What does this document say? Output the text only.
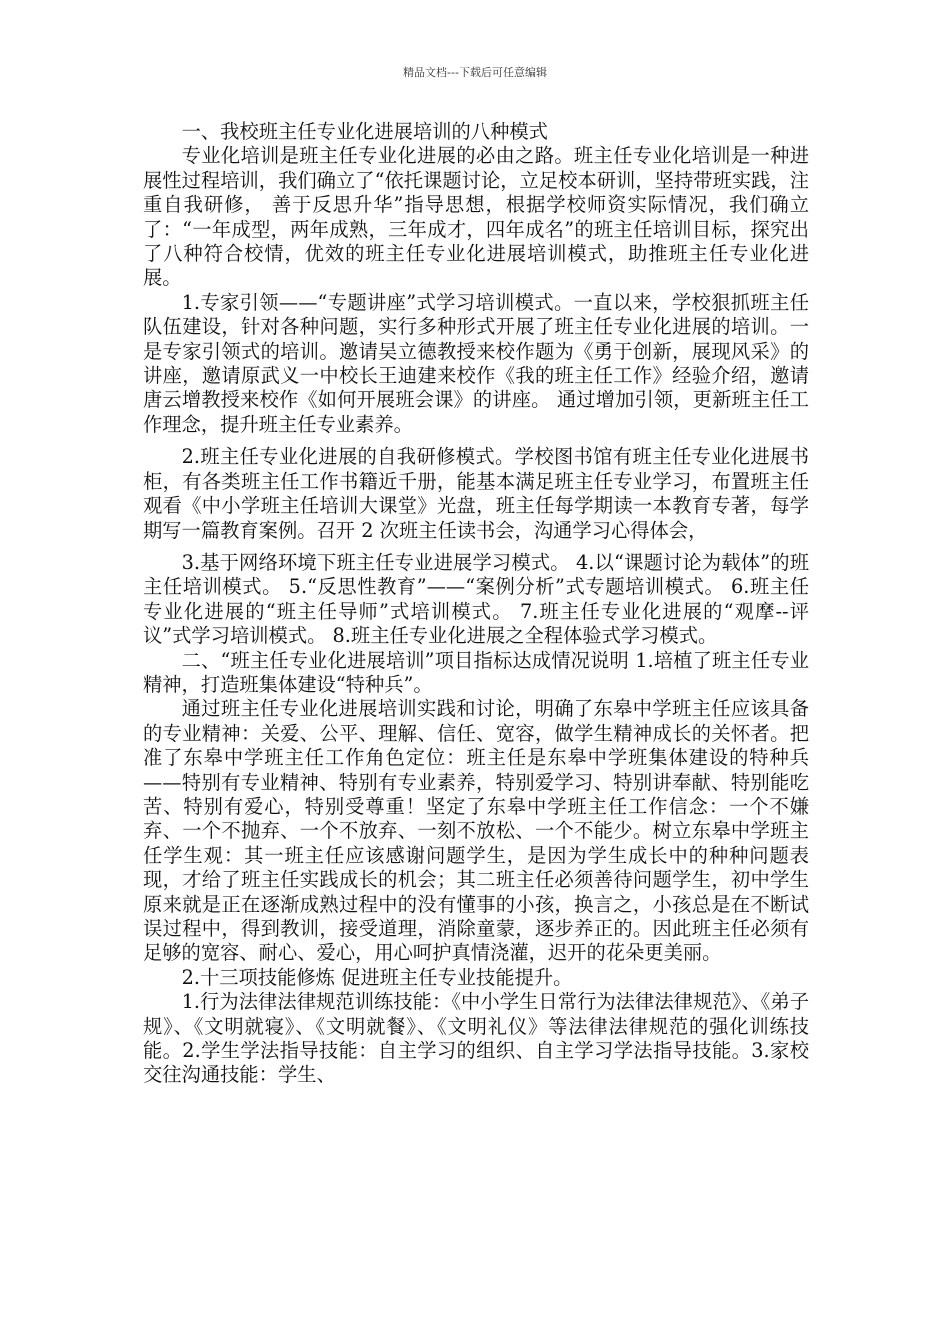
精品文档---下载后可任意编辑

一、我校班主任专业化进展培训的八种模式

专业化培训是班主任专业化进展的必由之路。班主任专业化培训是一种进展性过程培训，我们确立了“依托课题讨论，立足校本研训，坚持带班实践，注重自我研修， 善于反思升华”指导思想，根据学校师资实际情况，我们确立了：“一年成型，两年成熟，三年成才，四年成名”的班主任培训目标，探究出了八种符合校情，优效的班主任专业化进展培训模式，助推班主任专业化进展。

1.专家引领——“专题讲座”式学习培训模式。一直以来，学校狠抓班主任队伍建设，针对各种问题，实行多种形式开展了班主任专业化进展的培训。一是专家引领式的培训。邀请吴立德教授来校作题为《勇于创新，展现风采》的讲座，邀请原武义一中校长王迪建来校作《我的班主任工作》经验介绍，邀请唐云增教授来校作《如何开展班会课》的讲座。 通过增加引领，更新班主任工作理念，提升班主任专业素养。

2.班主任专业化进展的自我研修模式。学校图书馆有班主任专业化进展书柜，有各类班主任工作书籍近千册，能基本满足班主任专业学习，布置班主任观看《中小学班主任培训大课堂》光盘，班主任每学期读一本教育专著，每学期写一篇教育案例。召开 2 次班主任读书会，沟通学习心得体会，

3.基于网络环境下班主任专业进展学习模式。 4.以“课题讨论为载体”的班主任培训模式。 5.“反思性教育”——“案例分析”式专题培训模式。 6.班主任专业化进展的“班主任导师”式培训模式。 7.班主任专业化进展的“观摩--评议”式学习培训模式。 8.班主任专业化进展之全程体验式学习模式。

二、“班主任专业化进展培训”项目指标达成情况说明 1.培植了班主任专业精神，打造班集体建设“特种兵”。

通过班主任专业化进展培训实践和讨论，明确了东皋中学班主任应该具备的专业精神：关爱、公平、理解、信任、宽容，做学生精神成长的关怀者。把准了东皋中学班主任工作角色定位：班主任是东皋中学班集体建设的特种兵——特别有专业精神、特别有专业素养，特别爱学习、特别讲奉献、特别能吃苦、特别有爱心，特别受尊重！坚定了东皋中学班主任工作信念：一个不嫌弃、一个不抛弃、一个不放弃、一刻不放松、一个不能少。树立东皋中学班主任学生观：其一班主任应该感谢问题学生，是因为学生成长中的种种问题表现，才给了班主任实践成长的机会；其二班主任必须善待问题学生，初中学生原来就是正在逐渐成熟过程中的没有懂事的小孩，换言之，小孩总是在不断试误过程中，得到教训，接受道理，消除童蒙，逐步养正的。因此班主任必须有足够的宽容、耐心、爱心，用心呵护真情浇灌，迟开的花朵更美丽。

2.十三项技能修炼 促进班主任专业技能提升。

1.行为法律法律规范训练技能：《中小学生日常行为法律法律规范》、《弟子规》、《文明就寝》、《文明就餐》、《文明礼仪》等法律法律规范的强化训练技能。2.学生学法指导技能：自主学习的组织、自主学习学法指导技能。3.家校交往沟通技能：学生、
